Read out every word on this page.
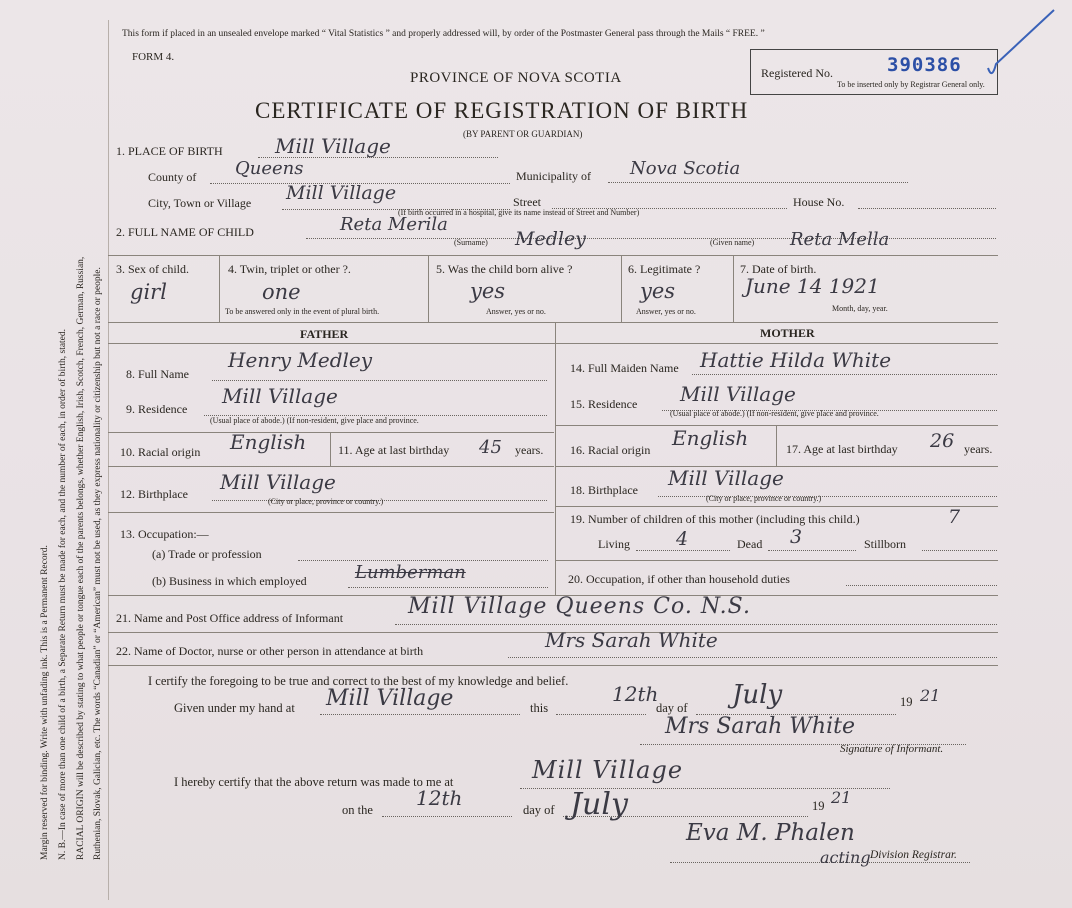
Margin reserved for binding. Write with unfading ink. This is a Permanent Record. N. B.—In case of more than one child of a birth, a Separate Return must be made for each, and the number of each, in order of birth, stated. RACIAL ORIGIN will be described by stating to what people or tongue each of the parents belongs, whether English, Irish, Scotch, French, German, Russian, Ruthenian, Slovak, Galician, etc. The words “Canadian” or “American” must not be used, as they express nationality or citizenship but not a race or people.
This form if placed in an unsealed envelope marked “ Vital Statistics ” and properly addressed will, by order of the Postmaster General pass through the Mails “ FREE. ”
FORM 4.
PROVINCE OF NOVA SCOTIA
CERTIFICATE OF REGISTRATION OF BIRTH
(BY PARENT OR GUARDIAN)
Registered No.	390386
To be inserted only by Registrar General only.
1. PLACE OF BIRTH	Mill Village
County of Queens	Municipality of Nova Scotia
City, Town or Village Mill Village	Street	House No.
(If birth occurred in a hospital, give its name instead of Street and Number)
2. FULL NAME OF CHILD	Reta Merila
(Surname) Medley	(Given name) Reta Mella
3. Sex of child.
girl
4. Twin, triplet or other ?.
one
To be answered only in the event of plural birth.
5. Was the child born alive ?
yes
Answer, yes or no.
6. Legitimate ?
yes
Answer, yes or no.
7. Date of birth.
June 14 1921
Month, day, year.
FATHER	MOTHER
8. Full Name
Henry Medley
9. Residence
Mill Village
(Usual place of abode.) (If non-resident, give place and province.
10. Racial origin English	11. Age at last birthday 45 years.
12. Birthplace Mill Village
(City or place, province or country.)
13. Occupation:—
(a) Trade or profession
(b) Business in which employed	Lumberman
14. Full Maiden Name Hattie Hilda White
15. Residence Mill Village
(Usual place of abode.) (If non-resident, give place and province.
16. Racial origin English	17. Age at last birthday 26 years.
18. Birthplace Mill Village
(City or place, province or country.)
19. Number of children of this mother (including this child.)	7
Living 4	Dead 3	Stillborn
20. Occupation, if other than household duties
21. Name and Post Office address of Informant	Mill Village Queens Co. N.S.
22. Name of Doctor, nurse or other person in attendance at birth	Mrs Sarah White
I certify the foregoing to be true and correct to the best of my knowledge and belief.
Given under my hand at Mill Village	this
12th
day of July	19 21
Mrs Sarah White
Signature of Informant.
I hereby certify that the above return was made to me at	Mill Village
on the 12th	day of July	19 21
Eva M. Phalen
acting Division Registrar.
